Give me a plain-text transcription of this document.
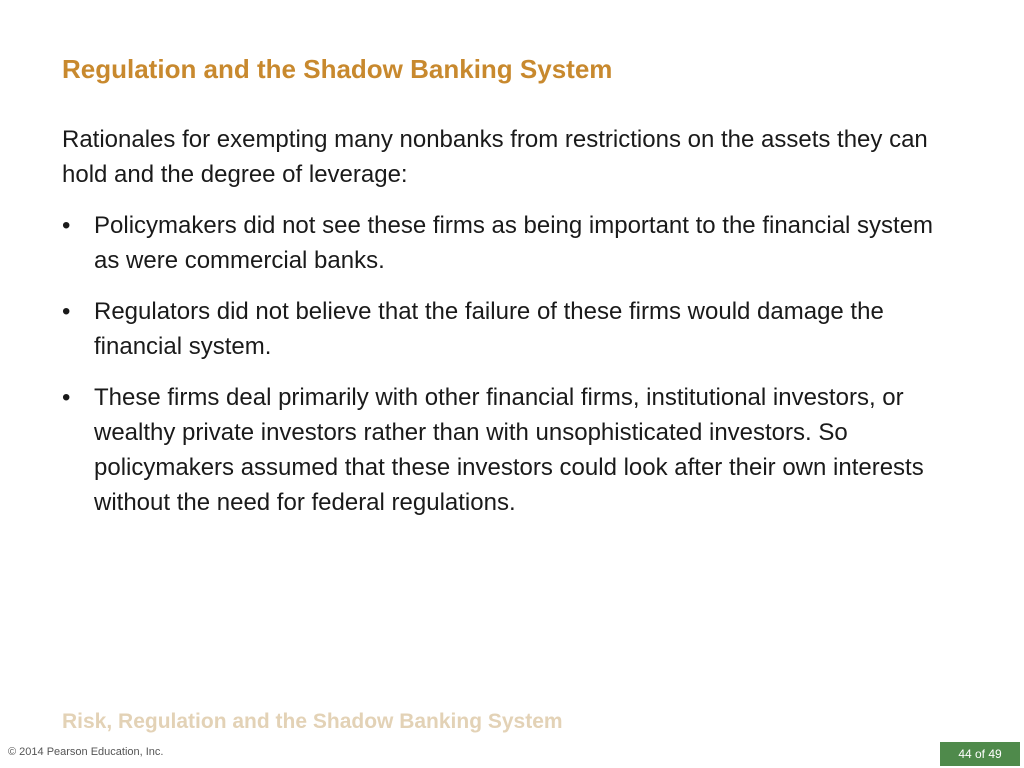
Regulation and the Shadow Banking System

Rationales for exempting many nonbanks from restrictions on the assets they can hold and the degree of leverage:

• Policymakers did not see these firms as being important to the financial system as were commercial banks.
• Regulators did not believe that the failure of these firms would damage the financial system.
• These firms deal primarily with other financial firms, institutional investors, or wealthy private investors rather than with unsophisticated investors. So policymakers assumed that these investors could look after their own interests without the need for federal regulations.
Risk, Regulation and the Shadow Banking System
© 2014 Pearson Education, Inc.	44 of 49
